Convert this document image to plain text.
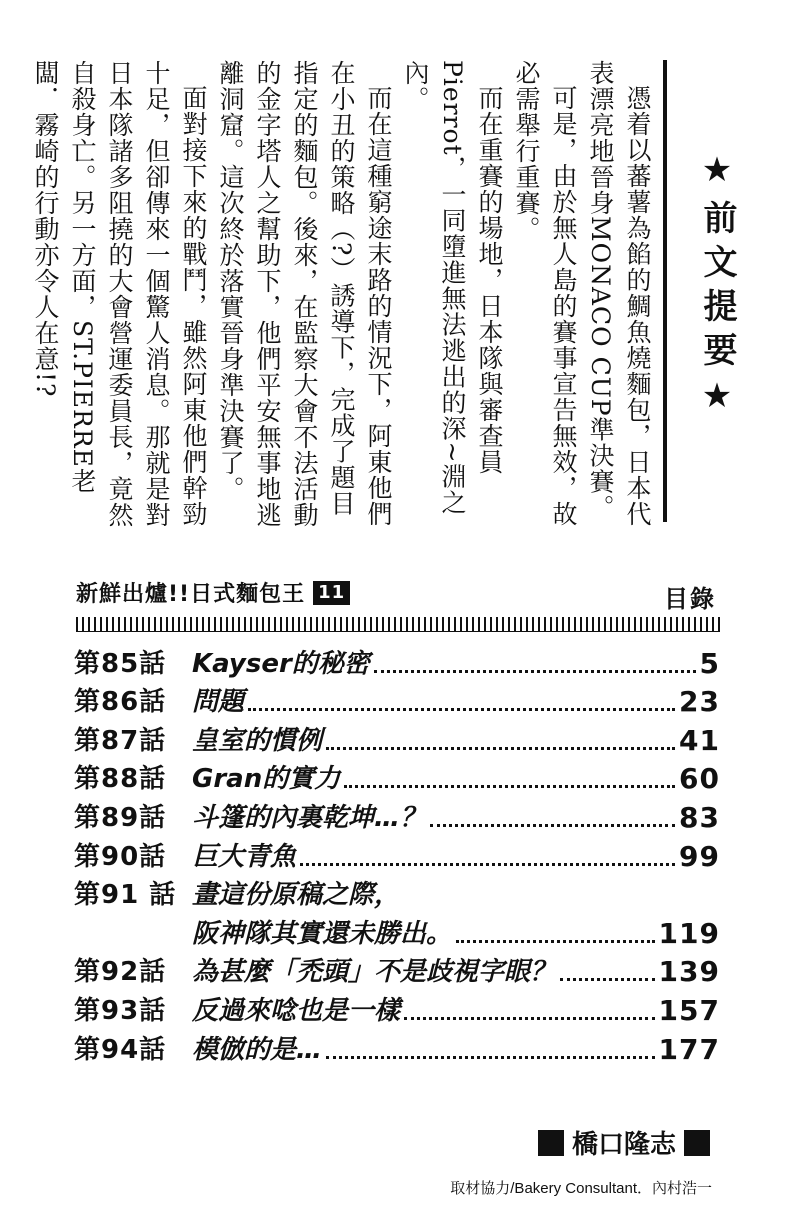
★前文提要★

憑着以蕃薯為餡的鯛魚燒麵包，日本代表漂亮地晉身MONACO CUP準決賽。

可是，由於無人島的賽事宣告無效，故必需舉行重賽。

而在重賽的場地，日本隊與審查員Pierrot，一同墮進無法逃出的深~淵之內。

而在這種窮途末路的情況下，阿東他們在小丑的策略（?）誘導下，完成了題目指定的麵包。後來，在監察大會不法活動的金字塔人之幫助下，他們平安無事地逃離洞窟。這次終於落實晉身準決賽了。

面對接下來的戰鬥，雖然阿東他們幹勁十足，但卻傳來一個驚人消息。那就是對日本隊諸多阻撓的大會營運委員長，竟然自殺身亡。另一方面，ST.PIERRE老闆．霧崎的行動亦令人在意!?

新鮮出爐!!日式麵包王 11	目錄
第85話 Kayser的秘密	5
第86話 問題	23
第87話 皇室的慣例	41
第88話 Gran的實力	60
第89話 斗篷的內裏乾坤…？	83
第90話 巨大青魚	99
第91 話 畫這份原稿之際，
阪神隊其實還未勝出。	119
第92話 為甚麼「禿頭」不是歧視字眼？	139
第93話 反過來唸也是一樣	157
第94話 模倣的是…	177
橋口隆志
取材協力/Bakery Consultant．內村浩一
